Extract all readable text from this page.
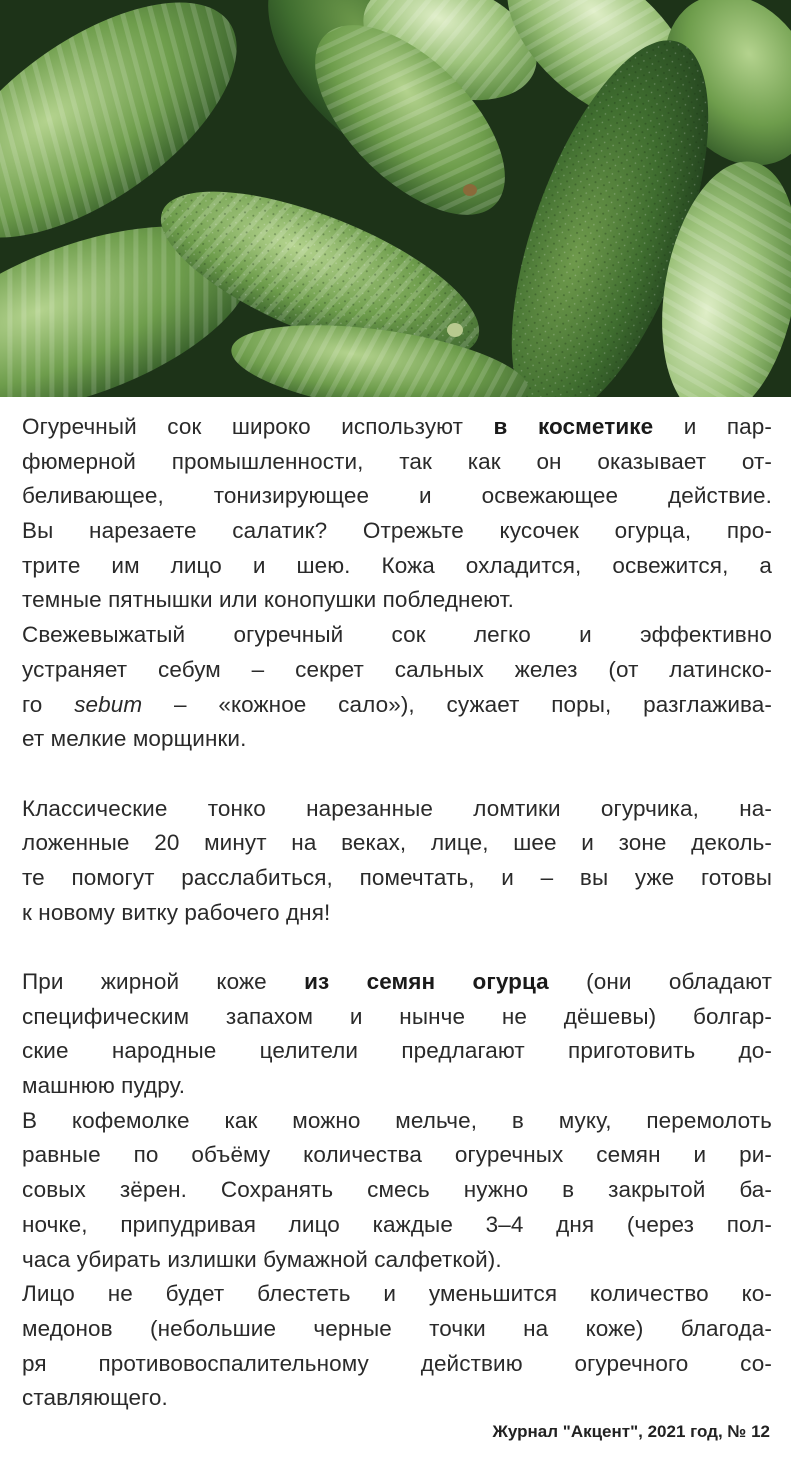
Огуречный сок широко используют в косметике и пар-
фюмерной промышленности, так как он оказывает от-
беливающее, тонизирующее и освежающее действие.
Вы нарезаете салатик? Отрежьте кусочек огурца, про-
трите им лицо и шею. Кожа охладится, освежится, а
темные пятнышки или конопушки побледнеют.
Свежевыжатый огуречный сок легко и эффективно
устраняет себум – секрет сальных желез (от латинско-
го sebum – «кожное сало»), сужает поры, разглажива-
ет мелкие морщинки.
Классические тонко нарезанные ломтики огурчика, на-
ложенные 20 минут на веках, лице, шее и зоне деколь-
те помогут расслабиться, помечтать, и – вы уже готовы
к новому витку рабочего дня!
При жирной коже из семян огурца (они обладают
специфическим запахом и нынче не дёшевы) болгар-
ские народные целители предлагают приготовить до-
машнюю пудру.
В кофемолке как можно мельче, в муку, перемолоть
равные по объёму количества огуречных семян и ри-
совых зёрен. Сохранять смесь нужно в закрытой ба-
ночке, припудривая лицо каждые 3–4 дня (через пол-
часа убирать излишки бумажной салфеткой).
Лицо не будет блестеть и уменьшится количество ко-
медонов (небольшие черные точки на коже) благода-
ря противовоспалительному действию огуречного со-
ставляющего.
Журнал "Акцент", 2021 год, № 12
